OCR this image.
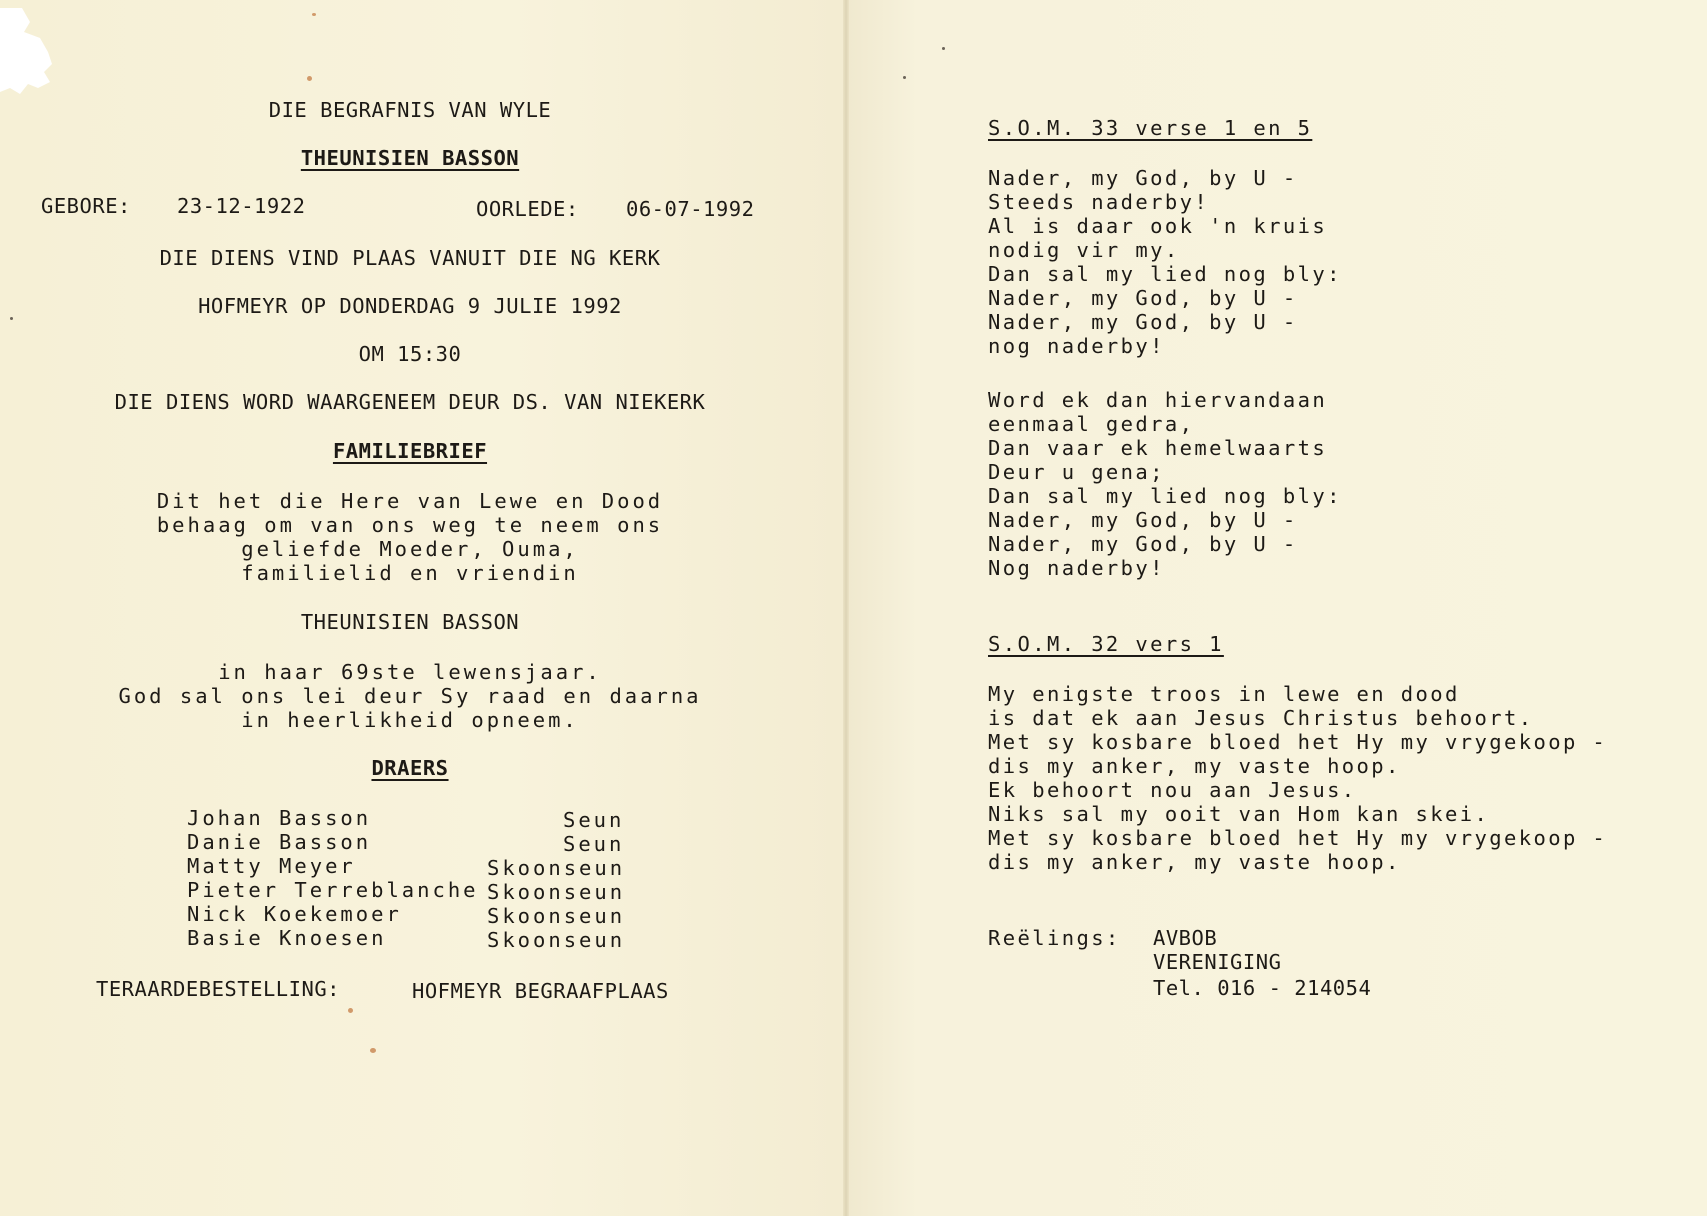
DIE BEGRAFNIS VAN WYLE

THEUNISIEN BASSON

GEBORE: 23-12-1922	OORLEDE: 06-07-1992

DIE DIENS VIND PLAAS VANUIT DIE NG KERK

HOFMEYR OP DONDERDAG 9 JULIE 1992

OM 15:30

DIE DIENS WORD WAARGENEEM DEUR DS. VAN NIEKERK

FAMILIEBRIEF

Dit het die Here van Lewe en Dood

behaag om van ons weg te neem ons

geliefde Moeder, Ouma,

familielid en vriendin

THEUNISIEN BASSON

in haar 69ste lewensjaar.

God sal ons lei deur Sy raad en daarna

in heerlikheid opneem.

DRAERS

Johan Basson	Seun

Danie Basson	Seun

Matty Meyer	Skoonseun

Pieter Terreblanche Skoonseun

Nick Koekemoer	Skoonseun

Basie Knoesen	Skoonseun

TERAARDEBESTELLING:	HOFMEYR BEGRAAFPLAAS

S.O.M. 33 verse 1 en 5

Nader, my God, by U -

Steeds naderby!

Al is daar ook 'n kruis

nodig vir my.

Dan sal my lied nog bly:

Nader, my God, by U -

Nader, my God, by U -

nog naderby!

Word ek dan hiervandaan

eenmaal gedra,

Dan vaar ek hemelwaarts

Deur u gena;

Dan sal my lied nog bly:

Nader, my God, by U -

Nader, my God, by U -

Nog naderby!

S.O.M. 32 vers 1

My enigste troos in lewe en dood

is dat ek aan Jesus Christus behoort.

Met sy kosbare bloed het Hy my vrygekoop -

dis my anker, my vaste hoop.

Ek behoort nou aan Jesus.

Niks sal my ooit van Hom kan skei.

Met sy kosbare bloed het Hy my vrygekoop -

dis my anker, my vaste hoop.

Reëlings: AVBOB

VERENIGING

Tel. 016 - 214054
